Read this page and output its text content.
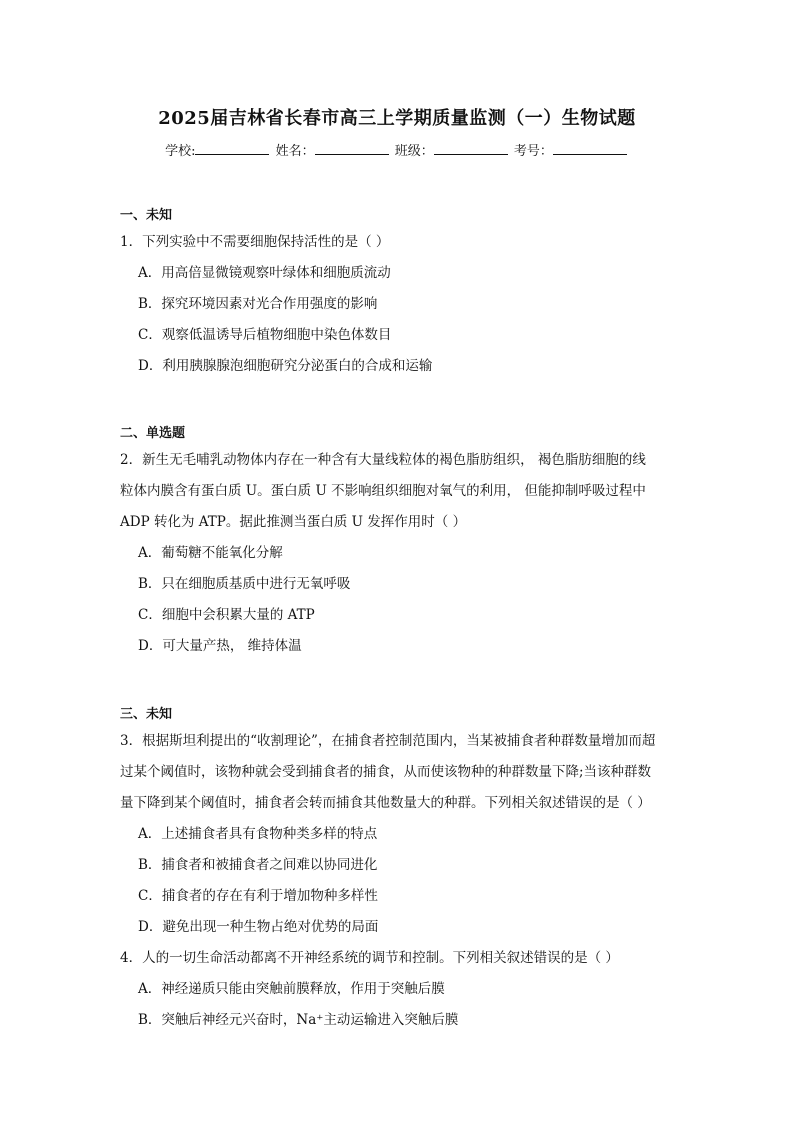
2025届吉林省长春市高三上学期质量监测（一）生物试题
学校:	姓名：	班级：	考号：
一、未知
1．下列实验中不需要细胞保持活性的是（ ）
A．用高倍显微镜观察叶绿体和细胞质流动
B．探究环境因素对光合作用强度的影响
C．观察低温诱导后植物细胞中染色体数目
D．利用胰腺腺泡细胞研究分泌蛋白的合成和运输
二、单选题
2．新生无毛哺乳动物体内存在一种含有大量线粒体的褐色脂肪组织， 褐色脂肪细胞的线
粒体内膜含有蛋白质 U。蛋白质 U 不影响组织细胞对氧气的利用， 但能抑制呼吸过程中
ADP 转化为 ATP。据此推测当蛋白质 U 发挥作用时（ ）
A．葡萄糖不能氧化分解
B．只在细胞质基质中进行无氧呼吸
C．细胞中会积累大量的 ATP
D．可大量产热， 维持体温
三、未知
3．根据斯坦利提出的“收割理论”，在捕食者控制范围内，当某被捕食者种群数量增加而超
过某个阈值时，该物种就会受到捕食者的捕食，从而使该物种的种群数量下降;当该种群数
量下降到某个阈值时，捕食者会转而捕食其他数量大的种群。下列相关叙述错误的是（ ）
A．上述捕食者具有食物种类多样的特点
B．捕食者和被捕食者之间难以协同进化
C．捕食者的存在有利于增加物种多样性
D．避免出现一种生物占绝对优势的局面
4．人的一切生命活动都离不开神经系统的调节和控制。下列相关叙述错误的是（ ）
A．神经递质只能由突触前膜释放，作用于突触后膜
B．突触后神经元兴奋时，Na⁺主动运输进入突触后膜
